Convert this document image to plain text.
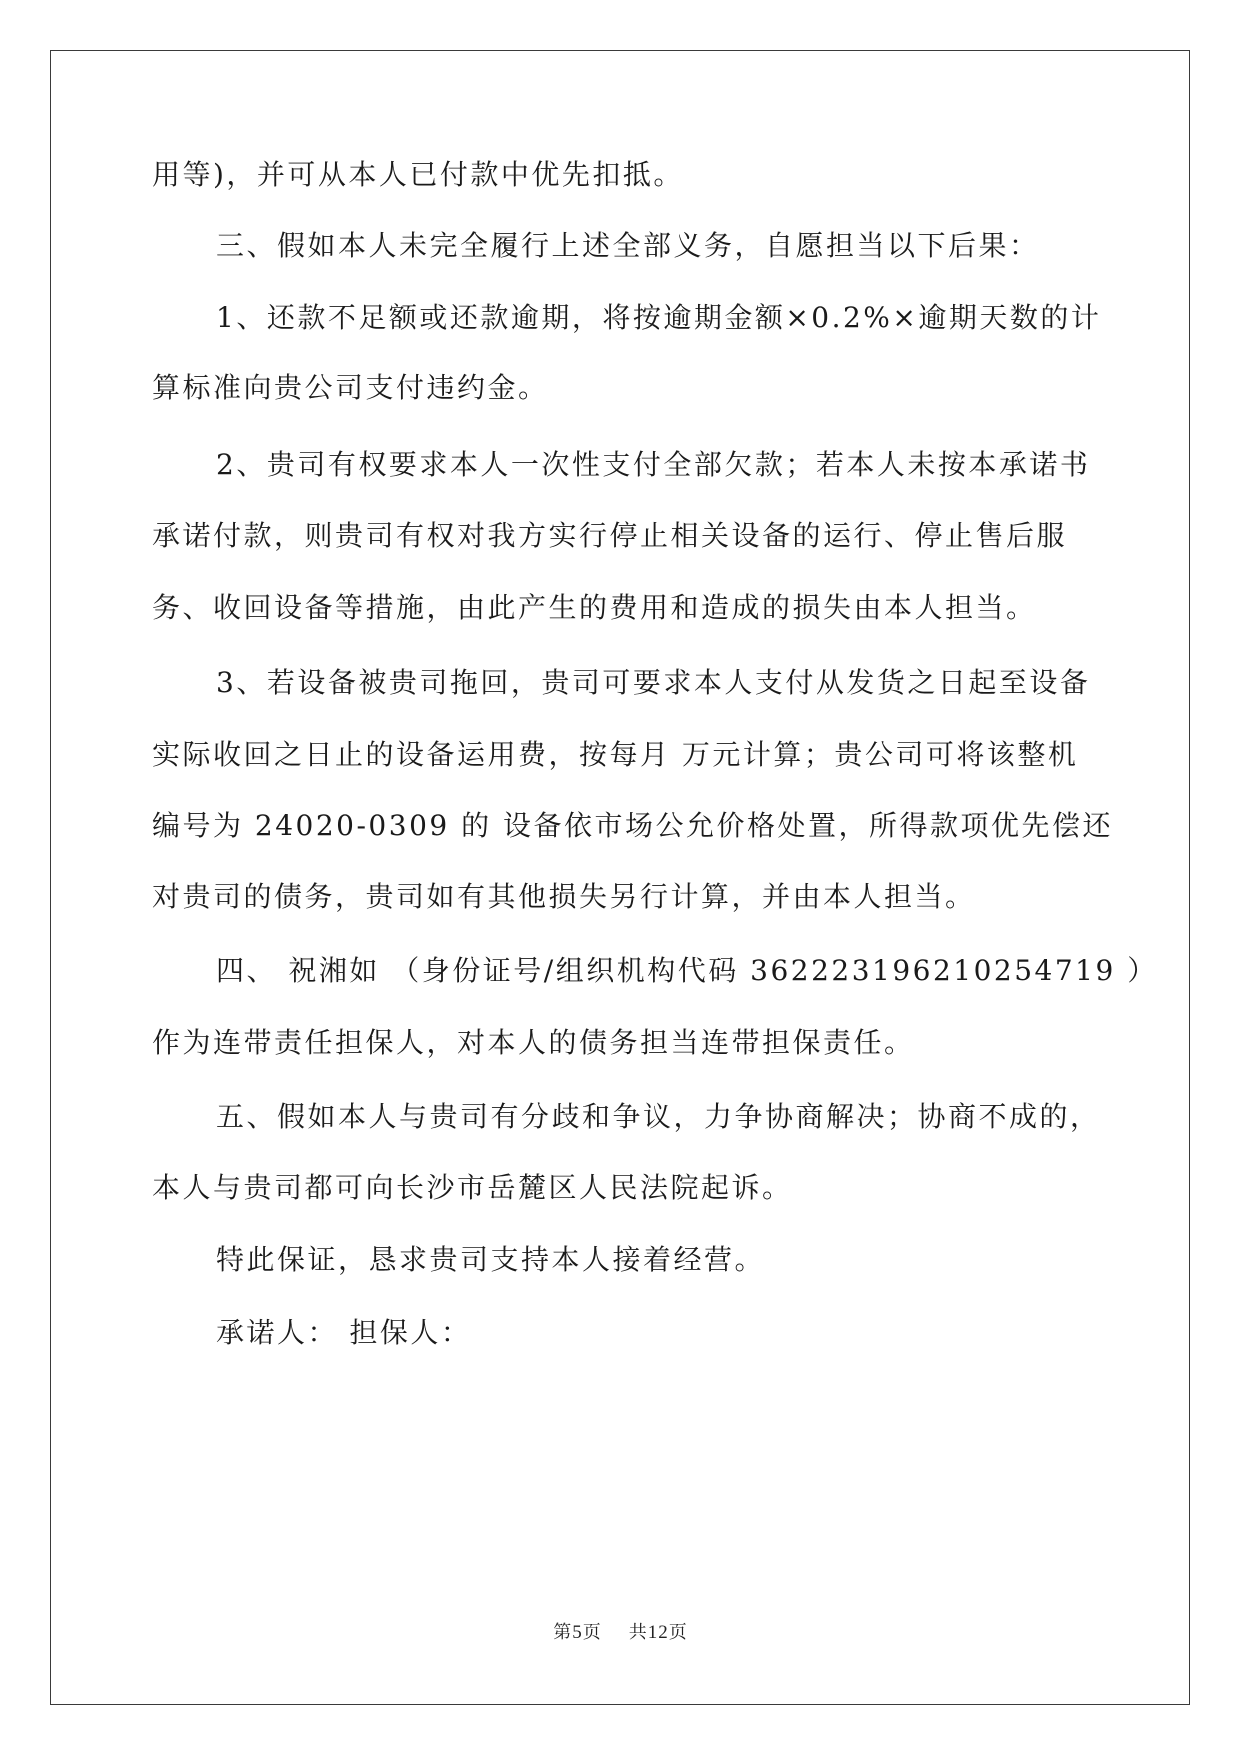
用等)，并可从本人已付款中优先扣抵。
三、假如本人未完全履行上述全部义务，自愿担当以下后果：
1、还款不足额或还款逾期，将按逾期金额×0.2%×逾期天数的计
算标准向贵公司支付违约金。
2、贵司有权要求本人一次性支付全部欠款；若本人未按本承诺书
承诺付款，则贵司有权对我方实行停止相关设备的运行、停止售后服
务、收回设备等措施，由此产生的费用和造成的损失由本人担当。
3、若设备被贵司拖回，贵司可要求本人支付从发货之日起至设备
实际收回之日止的设备运用费，按每月 万元计算；贵公司可将该整机
编号为 24020-0309 的 设备依市场公允价格处置，所得款项优先偿还
对贵司的债务，贵司如有其他损失另行计算，并由本人担当。
四、 祝湘如 （身份证号/组织机构代码 362223196210254719 ）
作为连带责任担保人，对本人的债务担当连带担保责任。
五、假如本人与贵司有分歧和争议，力争协商解决；协商不成的，
本人与贵司都可向长沙市岳麓区人民法院起诉。
特此保证，恳求贵司支持本人接着经营。
承诺人： 担保人：
第5页 共12页
